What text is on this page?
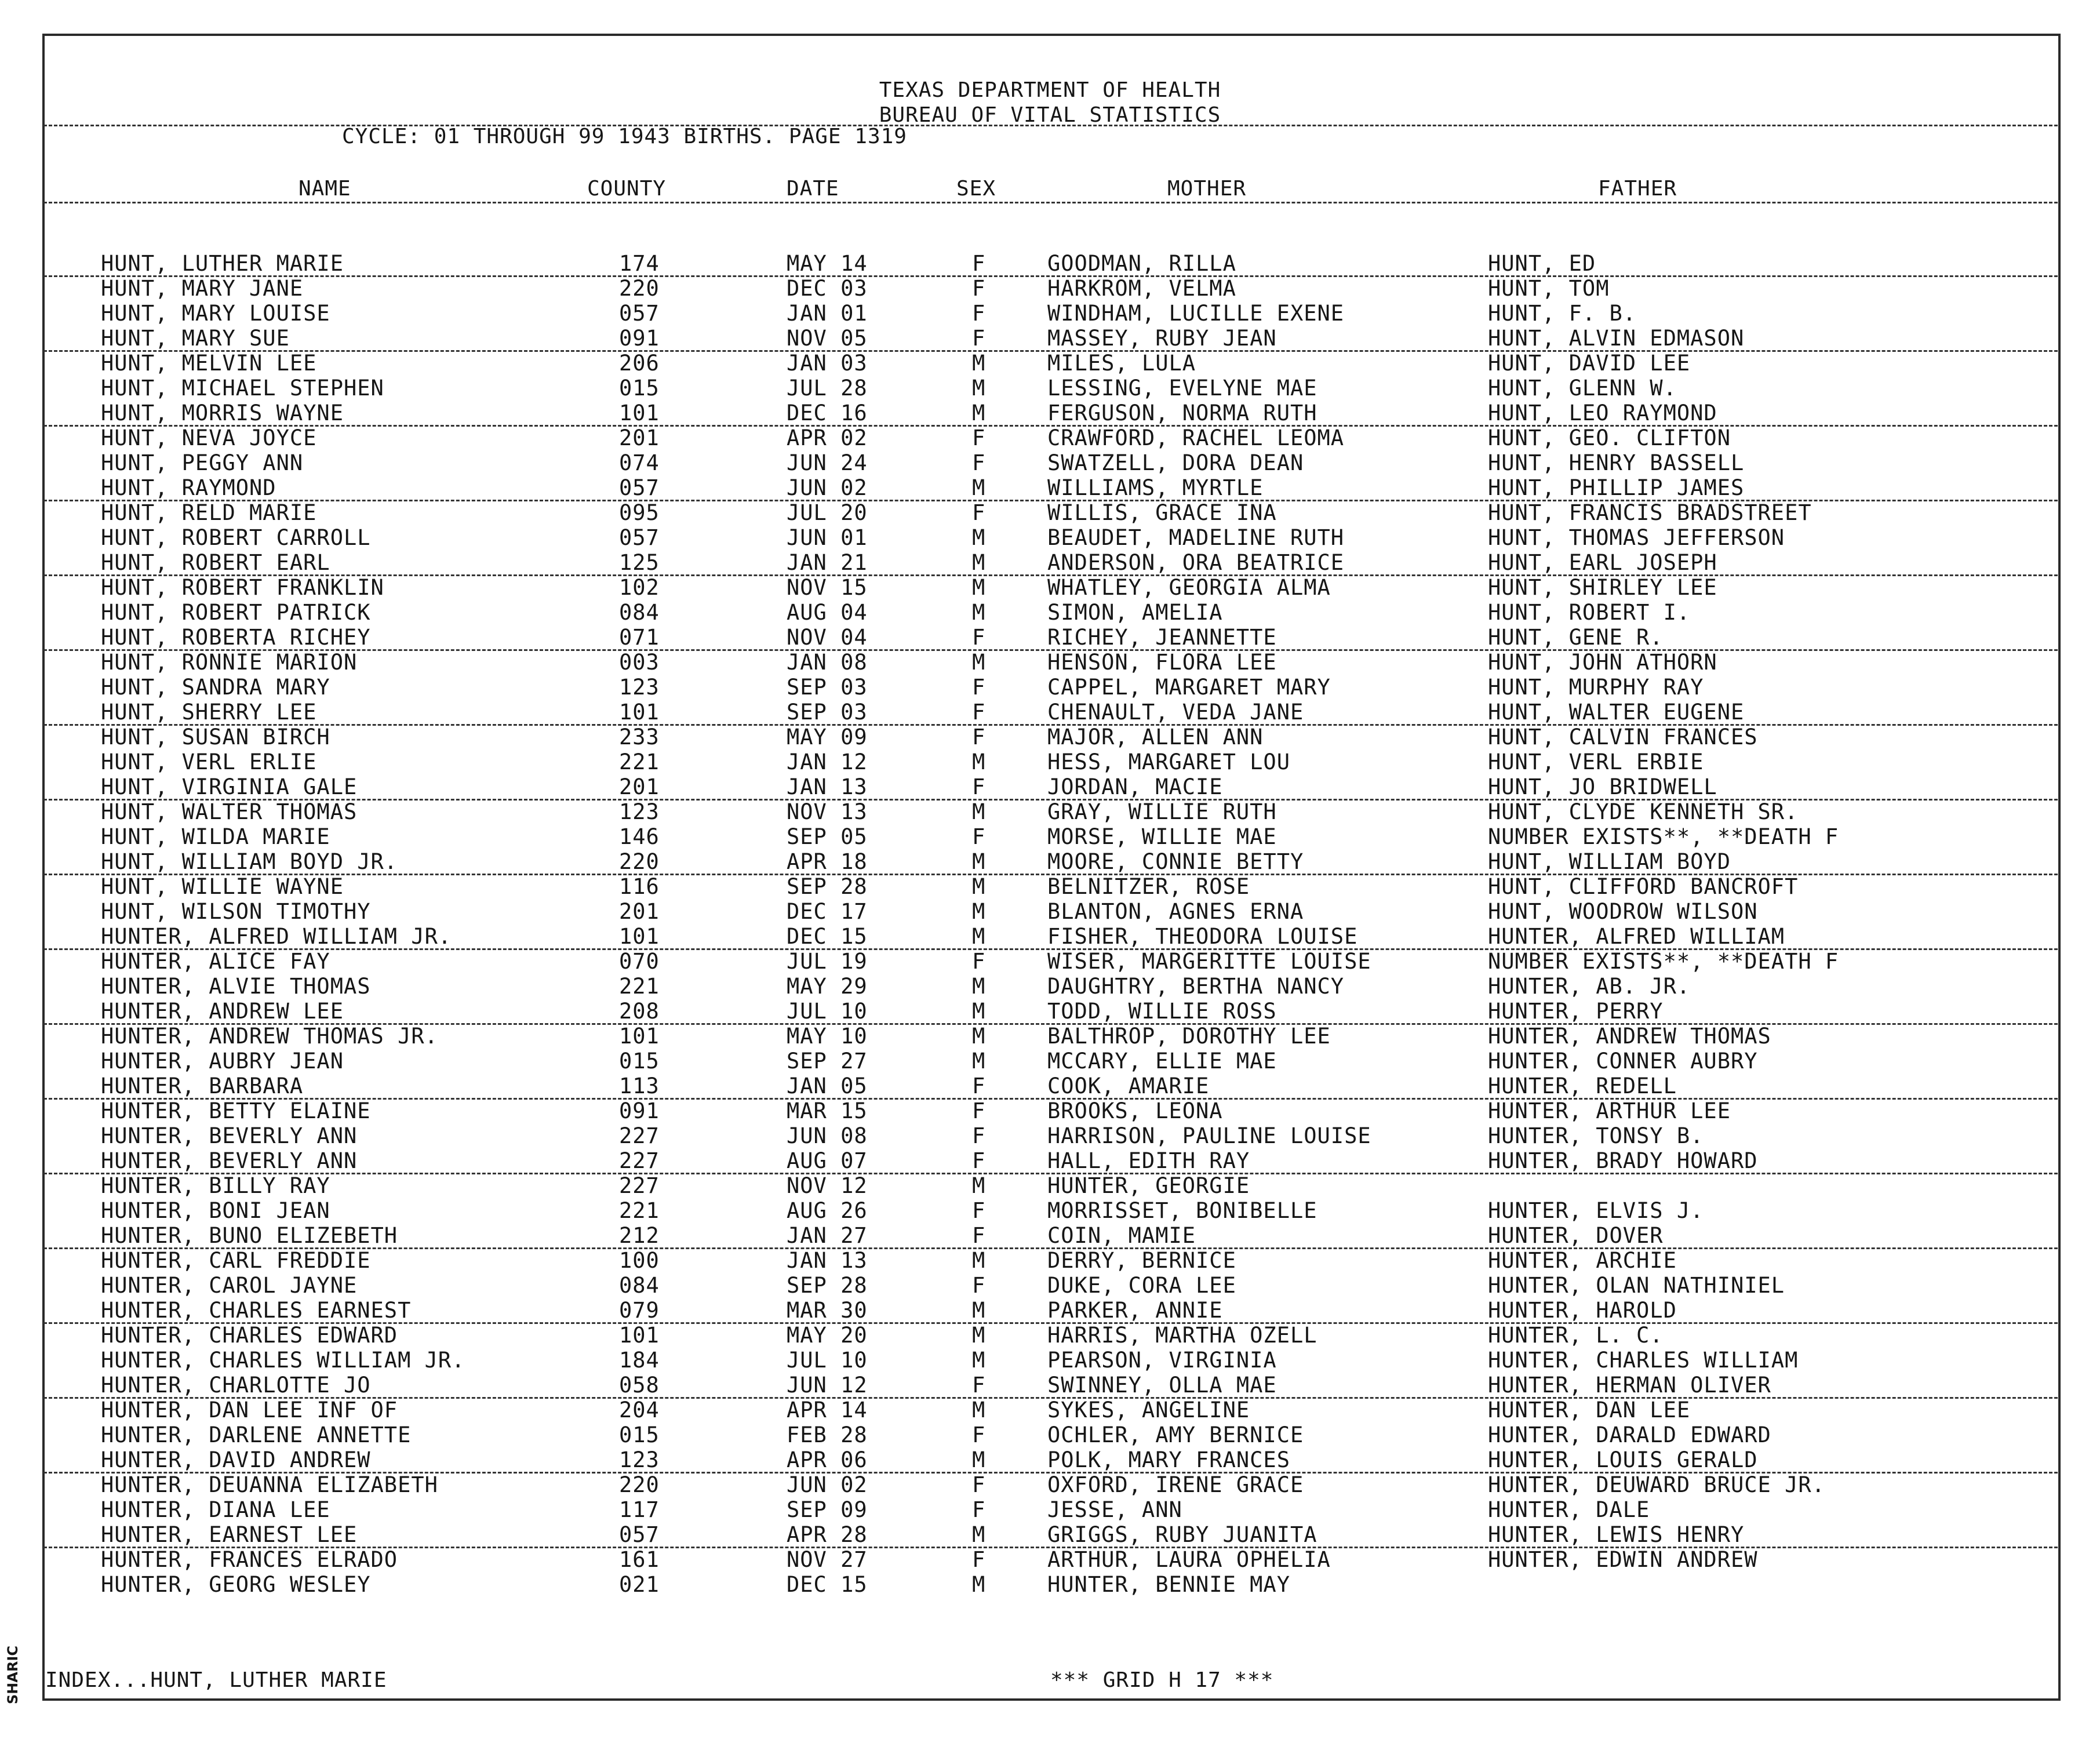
TEXAS DEPARTMENT OF HEALTH
BUREAU OF VITAL STATISTICS
CYCLE: 01 THROUGH 99 1943 BIRTHS. PAGE 1319
NAME	COUNTY	DATE	SEX	MOTHER	FATHER
HUNT, LUTHER MARIE	174	MAY 14	F	GOODMAN, RILLA	HUNT, ED
HUNT, MARY JANE	220	DEC 03	F	HARKROM, VELMA	HUNT, TOM
HUNT, MARY LOUISE	057	JAN 01	F	WINDHAM, LUCILLE EXENE	HUNT, F. B.
HUNT, MARY SUE	091	NOV 05	F	MASSEY, RUBY JEAN	HUNT, ALVIN EDMASON
HUNT, MELVIN LEE	206	JAN 03	M	MILES, LULA	HUNT, DAVID LEE
HUNT, MICHAEL STEPHEN	015	JUL 28	M	LESSING, EVELYNE MAE	HUNT, GLENN W.
HUNT, MORRIS WAYNE	101	DEC 16	M	FERGUSON, NORMA RUTH	HUNT, LEO RAYMOND
HUNT, NEVA JOYCE	201	APR 02	F	CRAWFORD, RACHEL LEOMA	HUNT, GEO. CLIFTON
HUNT, PEGGY ANN	074	JUN 24	F	SWATZELL, DORA DEAN	HUNT, HENRY BASSELL
HUNT, RAYMOND	057	JUN 02	M	WILLIAMS, MYRTLE	HUNT, PHILLIP JAMES
HUNT, RELD MARIE	095	JUL 20	F	WILLIS, GRACE INA	HUNT, FRANCIS BRADSTREET
HUNT, ROBERT CARROLL	057	JUN 01	M	BEAUDET, MADELINE RUTH	HUNT, THOMAS JEFFERSON
HUNT, ROBERT EARL	125	JAN 21	M	ANDERSON, ORA BEATRICE	HUNT, EARL JOSEPH
HUNT, ROBERT FRANKLIN	102	NOV 15	M	WHATLEY, GEORGIA ALMA	HUNT, SHIRLEY LEE
HUNT, ROBERT PATRICK	084	AUG 04	M	SIMON, AMELIA	HUNT, ROBERT I.
HUNT, ROBERTA RICHEY	071	NOV 04	F	RICHEY, JEANNETTE	HUNT, GENE R.
HUNT, RONNIE MARION	003	JAN 08	M	HENSON, FLORA LEE	HUNT, JOHN ATHORN
HUNT, SANDRA MARY	123	SEP 03	F	CAPPEL, MARGARET MARY	HUNT, MURPHY RAY
HUNT, SHERRY LEE	101	SEP 03	F	CHENAULT, VEDA JANE	HUNT, WALTER EUGENE
HUNT, SUSAN BIRCH	233	MAY 09	F	MAJOR, ALLEN ANN	HUNT, CALVIN FRANCES
HUNT, VERL ERLIE	221	JAN 12	M	HESS, MARGARET LOU	HUNT, VERL ERBIE
HUNT, VIRGINIA GALE	201	JAN 13	F	JORDAN, MACIE	HUNT, JO BRIDWELL
HUNT, WALTER THOMAS	123	NOV 13	M	GRAY, WILLIE RUTH	HUNT, CLYDE KENNETH SR.
HUNT, WILDA MARIE	146	SEP 05	F	MORSE, WILLIE MAE	NUMBER EXISTS**, **DEATH F
HUNT, WILLIAM BOYD JR.	220	APR 18	M	MOORE, CONNIE BETTY	HUNT, WILLIAM BOYD
HUNT, WILLIE WAYNE	116	SEP 28	M	BELNITZER, ROSE	HUNT, CLIFFORD BANCROFT
HUNT, WILSON TIMOTHY	201	DEC 17	M	BLANTON, AGNES ERNA	HUNT, WOODROW WILSON
HUNTER, ALFRED WILLIAM JR.	101	DEC 15	M	FISHER, THEODORA LOUISE	HUNTER, ALFRED WILLIAM
HUNTER, ALICE FAY	070	JUL 19	F	WISER, MARGERITTE LOUISE	NUMBER EXISTS**, **DEATH F
HUNTER, ALVIE THOMAS	221	MAY 29	M	DAUGHTRY, BERTHA NANCY	HUNTER, AB. JR.
HUNTER, ANDREW LEE	208	JUL 10	M	TODD, WILLIE ROSS	HUNTER, PERRY
HUNTER, ANDREW THOMAS JR.	101	MAY 10	M	BALTHROP, DOROTHY LEE	HUNTER, ANDREW THOMAS
HUNTER, AUBRY JEAN	015	SEP 27	M	MCCARY, ELLIE MAE	HUNTER, CONNER AUBRY
HUNTER, BARBARA	113	JAN 05	F	COOK, AMARIE	HUNTER, REDELL
HUNTER, BETTY ELAINE	091	MAR 15	F	BROOKS, LEONA	HUNTER, ARTHUR LEE
HUNTER, BEVERLY ANN	227	JUN 08	F	HARRISON, PAULINE LOUISE	HUNTER, TONSY B.
HUNTER, BEVERLY ANN	227	AUG 07	F	HALL, EDITH RAY	HUNTER, BRADY HOWARD
HUNTER, BILLY RAY	227	NOV 12	M	HUNTER, GEORGIE
HUNTER, BONI JEAN	221	AUG 26	F	MORRISSET, BONIBELLE	HUNTER, ELVIS J.
HUNTER, BUNO ELIZEBETH	212	JAN 27	F	COIN, MAMIE	HUNTER, DOVER
HUNTER, CARL FREDDIE	100	JAN 13	M	DERRY, BERNICE	HUNTER, ARCHIE
HUNTER, CAROL JAYNE	084	SEP 28	F	DUKE, CORA LEE	HUNTER, OLAN NATHINIEL
HUNTER, CHARLES EARNEST	079	MAR 30	M	PARKER, ANNIE	HUNTER, HAROLD
HUNTER, CHARLES EDWARD	101	MAY 20	M	HARRIS, MARTHA OZELL	HUNTER, L. C.
HUNTER, CHARLES WILLIAM JR.	184	JUL 10	M	PEARSON, VIRGINIA	HUNTER, CHARLES WILLIAM
HUNTER, CHARLOTTE JO	058	JUN 12	F	SWINNEY, OLLA MAE	HUNTER, HERMAN OLIVER
HUNTER, DAN LEE INF OF	204	APR 14	M	SYKES, ANGELINE	HUNTER, DAN LEE
HUNTER, DARLENE ANNETTE	015	FEB 28	F	OCHLER, AMY BERNICE	HUNTER, DARALD EDWARD
HUNTER, DAVID ANDREW	123	APR 06	M	POLK, MARY FRANCES	HUNTER, LOUIS GERALD
HUNTER, DEUANNA ELIZABETH	220	JUN 02	F	OXFORD, IRENE GRACE	HUNTER, DEUWARD BRUCE JR.
HUNTER, DIANA LEE	117	SEP 09	F	JESSE, ANN	HUNTER, DALE
HUNTER, EARNEST LEE	057	APR 28	M	GRIGGS, RUBY JUANITA	HUNTER, LEWIS HENRY
HUNTER, FRANCES ELRADO	161	NOV 27	F	ARTHUR, LAURA OPHELIA	HUNTER, EDWIN ANDREW
HUNTER, GEORG WESLEY	021	DEC 15	M	HUNTER, BENNIE MAY
INDEX...HUNT, LUTHER MARIE	*** GRID H 17 ***
SHARIC
